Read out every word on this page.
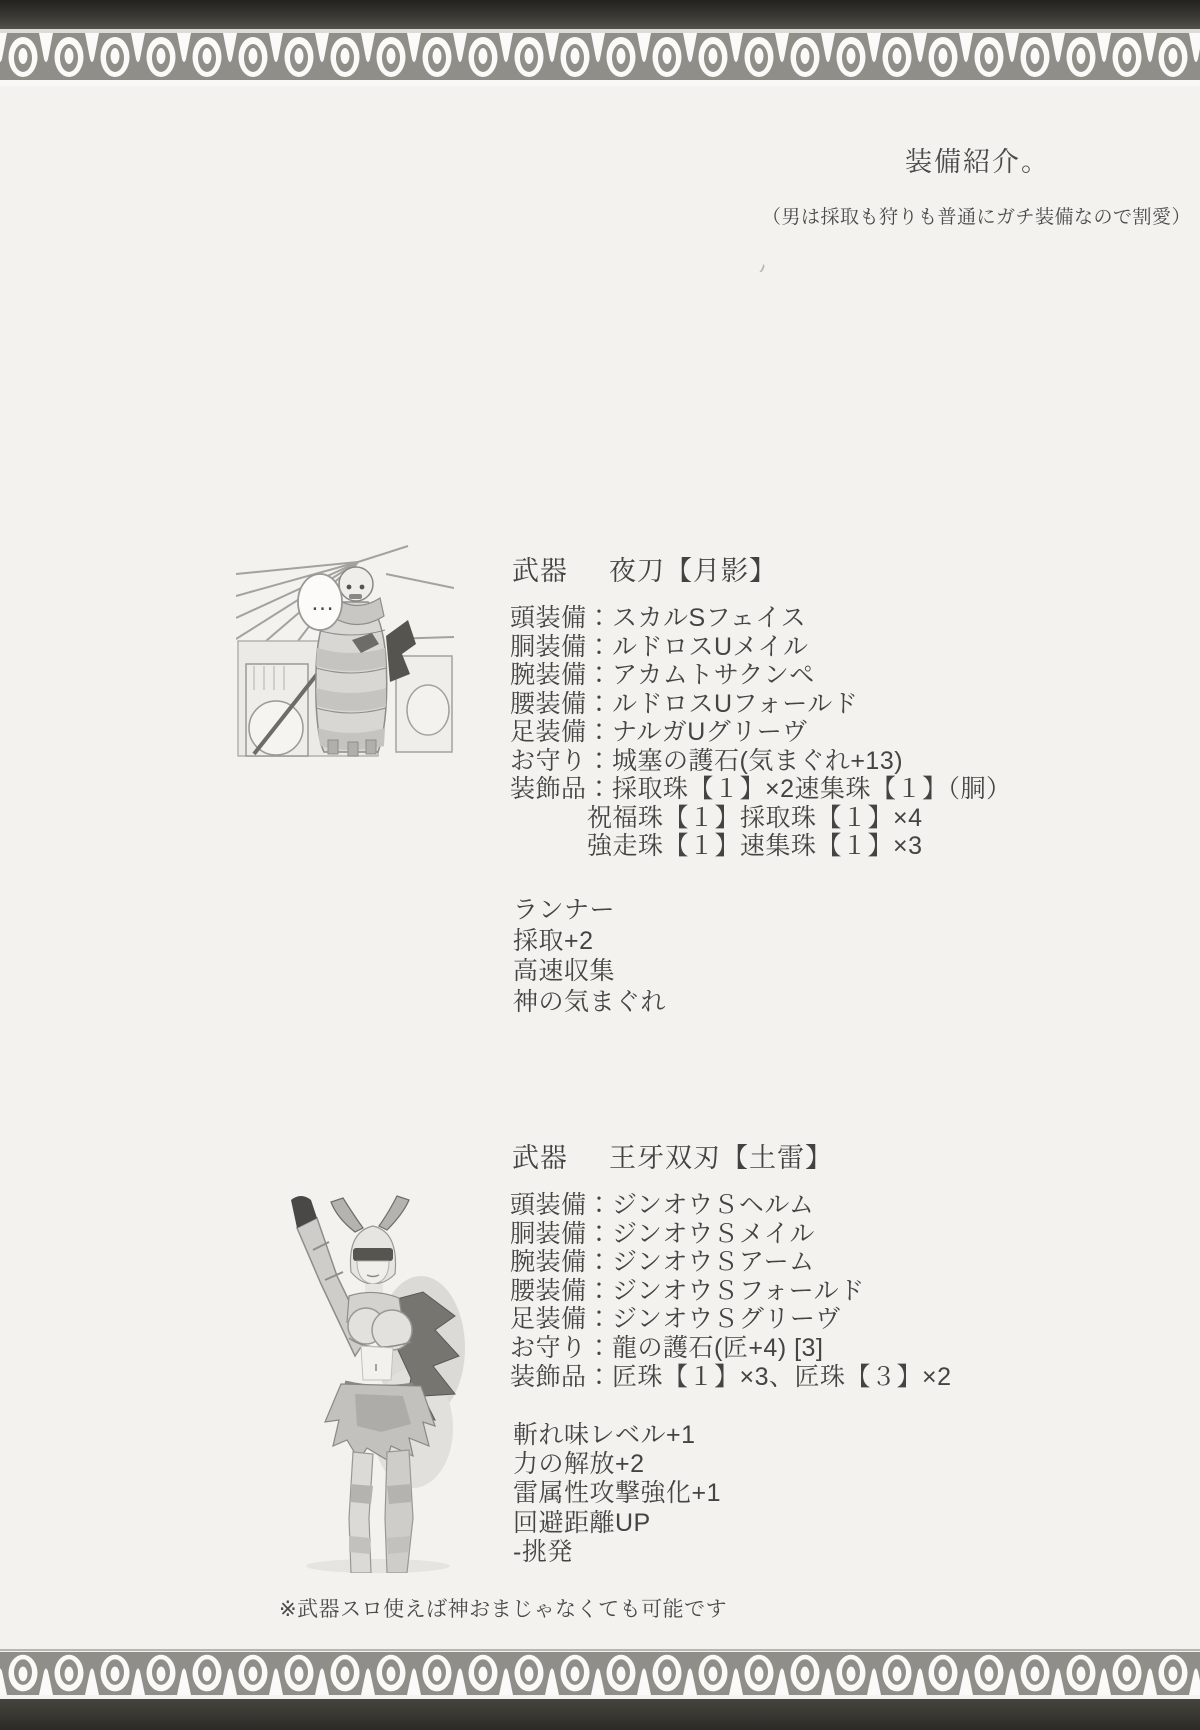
装備紹介。
（男は採取も狩りも普通にガチ装備なので割愛）
…
武器 夜刀【月影】
頭装備：スカルSフェイス
胴装備：ルドロスUメイル
腕装備：アカムトサクンペ
腰装備：ルドロスUフォールド
足装備：ナルガUグリーヴ
お守り：城塞の護石(気まぐれ+13)
装飾品：採取珠【１】×2速集珠【１】（胴）
祝福珠【１】採取珠【１】×4
強走珠【１】速集珠【１】×3
ランナー
採取+2
高速収集
神の気まぐれ
武器 王牙双刃【土雷】
頭装備：ジンオウＳヘルム
胴装備：ジンオウＳメイル
腕装備：ジンオウＳアーム
腰装備：ジンオウＳフォールド
足装備：ジンオウＳグリーヴ
お守り：龍の護石(匠+4) [3]
装飾品：匠珠【１】×3、匠珠【３】×2
斬れ味レベル+1
力の解放+2
雷属性攻撃強化+1
回避距離UP
-挑発
※武器スロ使えば神おまじゃなくても可能です
